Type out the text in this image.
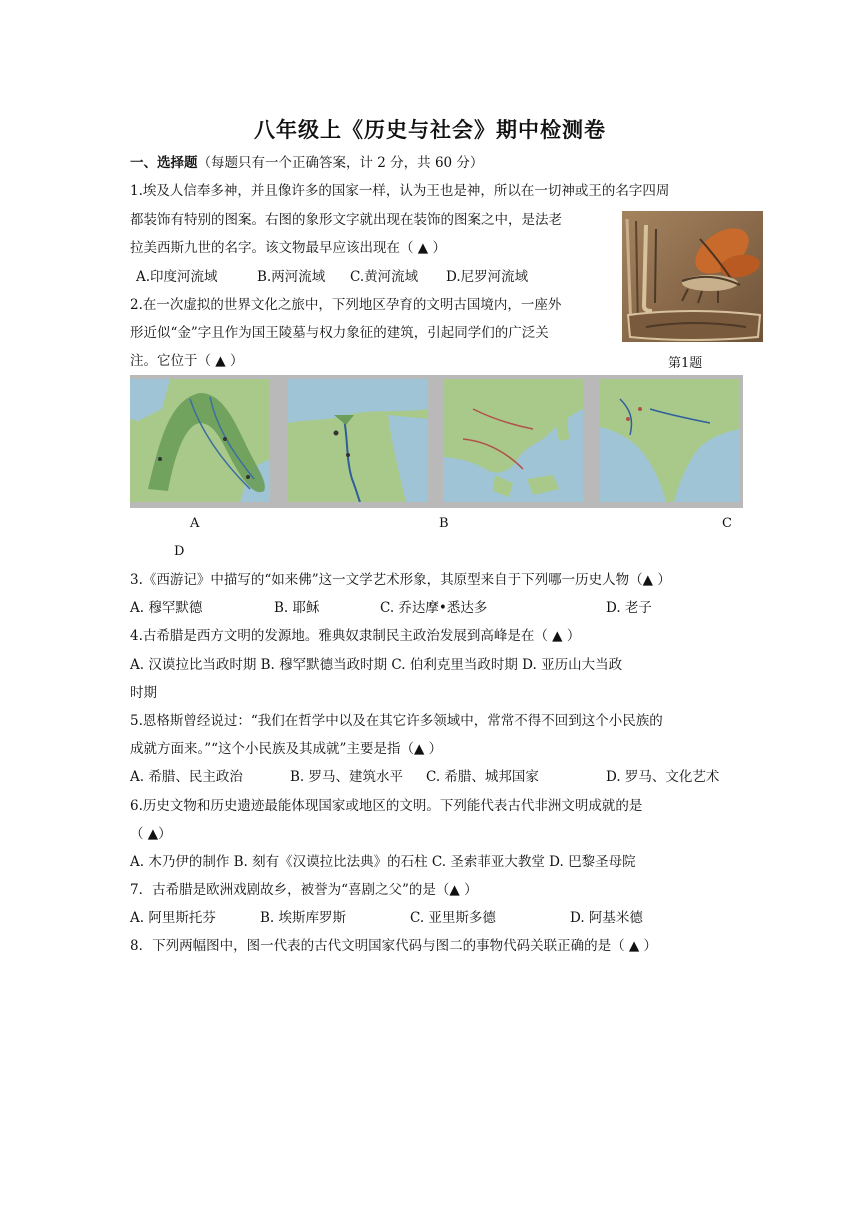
八年级上《历史与社会》期中检测卷
一、选择题（每题只有一个正确答案，计 2 分，共 60 分）
1.埃及人信奉多神，并且像许多的国家一样，认为王也是神，所以在一切神或王的名字四周
都装饰有特别的图案。右图的象形文字就出现在装饰的图案之中，是法老
拉美西斯九世的名字。该文物最早应该出现在（ ▲ ）
A.印度河流域	B.两河流域 C.黄河流域 D.尼罗河流域
第1题
2.在一次虚拟的世界文化之旅中，下列地区孕育的文明古国境内，一座外
形近似“金”字且作为国王陵墓与权力象征的建筑，引起同学们的广泛关
注。它位于（ ▲ ）
A	B	C
D
3.《西游记》中描写的“如来佛”这一文学艺术形象，其原型来自于下列哪一历史人物（▲ ）
A. 穆罕默德	B. 耶稣	C. 乔达摩•悉达多	D. 老子
4.古希腊是西方文明的发源地。雅典奴隶制民主政治发展到高峰是在（ ▲ ）
A. 汉谟拉比当政时期 B. 穆罕默德当政时期 C. 伯利克里当政时期 D. 亚历山大当政
时期
5.恩格斯曾经说过：“我们在哲学中以及在其它许多领域中，常常不得不回到这个小民族的
成就方面来。”“这个小民族及其成就”主要是指（▲ ）
A. 希腊、民主政治	B. 罗马、建筑水平 C. 希腊、城邦国家	D. 罗马、文化艺术
6.历史文物和历史遗迹最能体现国家或地区的文明。下列能代表古代非洲文明成就的是
（ ▲）
A. 木乃伊的制作 B. 刻有《汉谟拉比法典》的石柱 C. 圣索菲亚大教堂 D. 巴黎圣母院
7．古希腊是欧洲戏剧故乡，被誉为“喜剧之父”的是（▲ ）
A. 阿里斯托芬	B. 埃斯库罗斯	C. 亚里斯多德	D. 阿基米德
8．下列两幅图中，图一代表的古代文明国家代码与图二的事物代码关联正确的是（ ▲ ）
